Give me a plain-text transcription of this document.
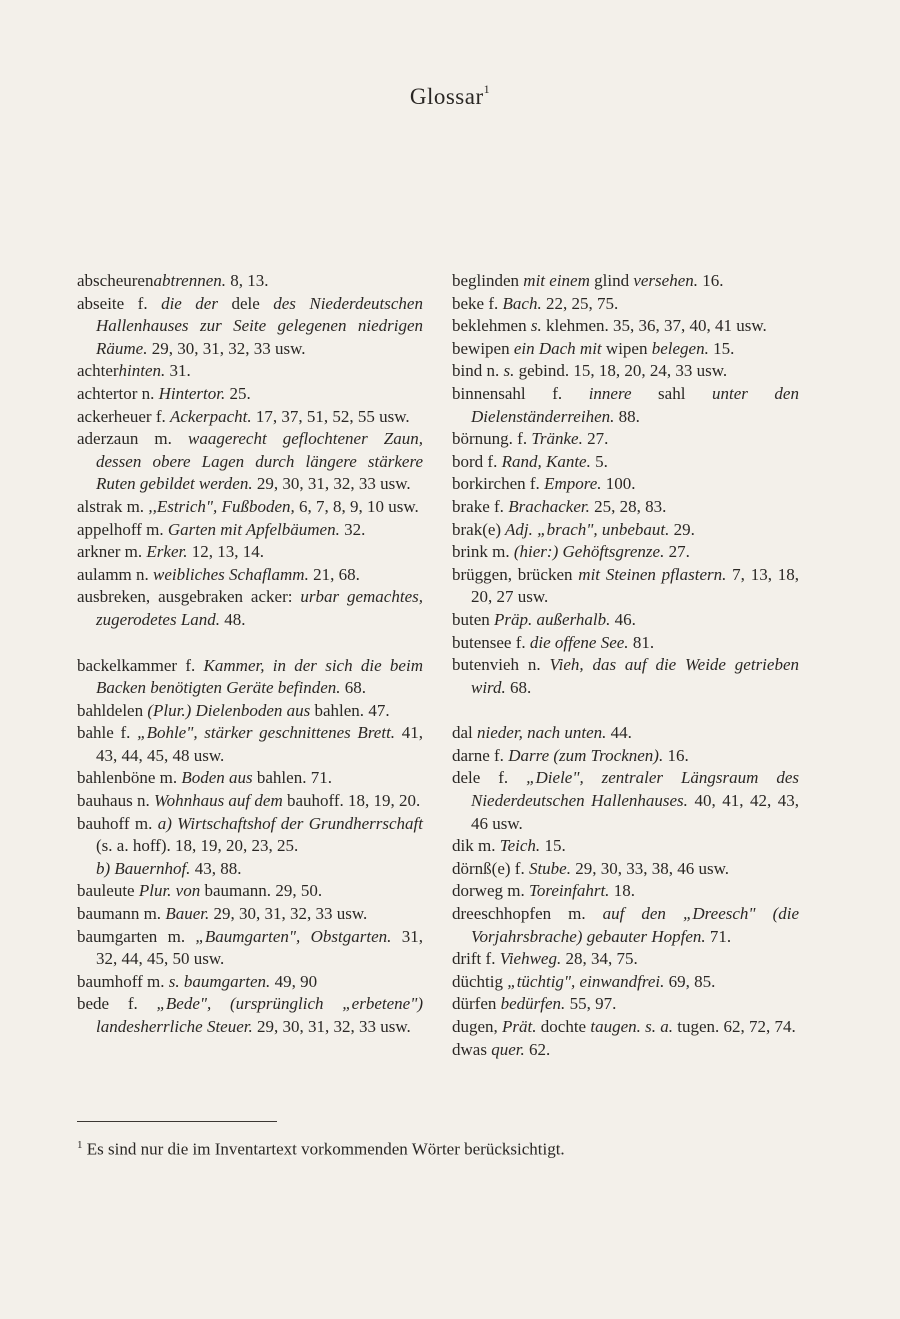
Glossar$^1$

abscheurenabtrennen. 8, 13.

abseite f. die der dele des Niederdeutschen Hallenhauses zur Seite gelegenen niedrigen Räume. 29, 30, 31, 32, 33 usw.

achterhinten. 31.

achtertor n. Hintertor. 25.

ackerheuer f. Ackerpacht. 17, 37, 51, 52, 55 usw.

aderzaun m. waagerecht geflochtener Zaun, dessen obere Lagen durch längere stärkere Ruten gebildet werden. 29, 30, 31, 32, 33 usw.

alstrak m. ,,Estrich", Fußboden, 6, 7, 8, 9, 10 usw.

appelhoff m. Garten mit Apfelbäumen. 32.

arkner m. Erker. 12, 13, 14.

aulamm n. weibliches Schaflamm. 21, 68.

ausbreken, ausgebraken acker: urbar gemachtes, zugerodetes Land. 48.

backelkammer f. Kammer, in der sich die beim Backen benötigten Geräte befinden. 68.

bahldelen (Plur.) Dielenboden aus bahlen. 47.

bahle f. „Bohle", stärker geschnittenes Brett. 41, 43, 44, 45, 48 usw.

bahlenböne m. Boden aus bahlen. 71.

bauhaus n. Wohnhaus auf dem bauhoff. 18, 19, 20.

bauhoff m. a) Wirtschaftshof der Grundherrschaft (s. a. hoff). 18, 19, 20, 23, 25.
b) Bauernhof. 43, 88.

bauleute Plur. von baumann. 29, 50.

baumann m. Bauer. 29, 30, 31, 32, 33 usw.

baumgarten m. „Baumgarten", Obstgarten. 31, 32, 44, 45, 50 usw.

baumhoff m. s. baumgarten. 49, 90

bede f. „Bede", (ursprünglich „erbetene") landesherrliche Steuer. 29, 30, 31, 32, 33 usw.

beglinden mit einem glind versehen. 16.

beke f. Bach. 22, 25, 75.

beklehmen s. klehmen. 35, 36, 37, 40, 41 usw.

bewipen ein Dach mit wipen belegen. 15.

bind n. s. gebind. 15, 18, 20, 24, 33 usw.

binnensahl f. innere sahl unter den Dielenständerreihen. 88.

börnung. f. Tränke. 27.

bord f. Rand, Kante. 5.

borkirchen f. Empore. 100.

brake f. Brachacker. 25, 28, 83.

brak(e) Adj. „brach", unbebaut. 29.

brink m. (hier:) Gehöftsgrenze. 27.

brüggen, brücken mit Steinen pflastern. 7, 13, 18, 20, 27 usw.

buten Präp. außerhalb. 46.

butensee f. die offene See. 81.

butenvieh n. Vieh, das auf die Weide getrieben wird. 68.

dal nieder, nach unten. 44.

darne f. Darre (zum Trocknen). 16.

dele f. „Diele", zentraler Längsraum des Niederdeutschen Hallenhauses. 40, 41, 42, 43, 46 usw.

dik m. Teich. 15.

dörnß(e) f. Stube. 29, 30, 33, 38, 46 usw.

dorweg m. Toreinfahrt. 18.

dreeschhopfen m. auf den „Dreesch" (die Vorjahrsbrache) gebauter Hopfen. 71.

drift f. Viehweg. 28, 34, 75.

düchtig „tüchtig", einwandfrei. 69, 85.

dürfen bedürfen. 55, 97.

dugen, Prät. dochte taugen. s. a. tugen. 62, 72, 74.

dwas quer. 62.

$^1$ Es sind nur die im Inventartext vorkommenden Wörter berücksichtigt.
